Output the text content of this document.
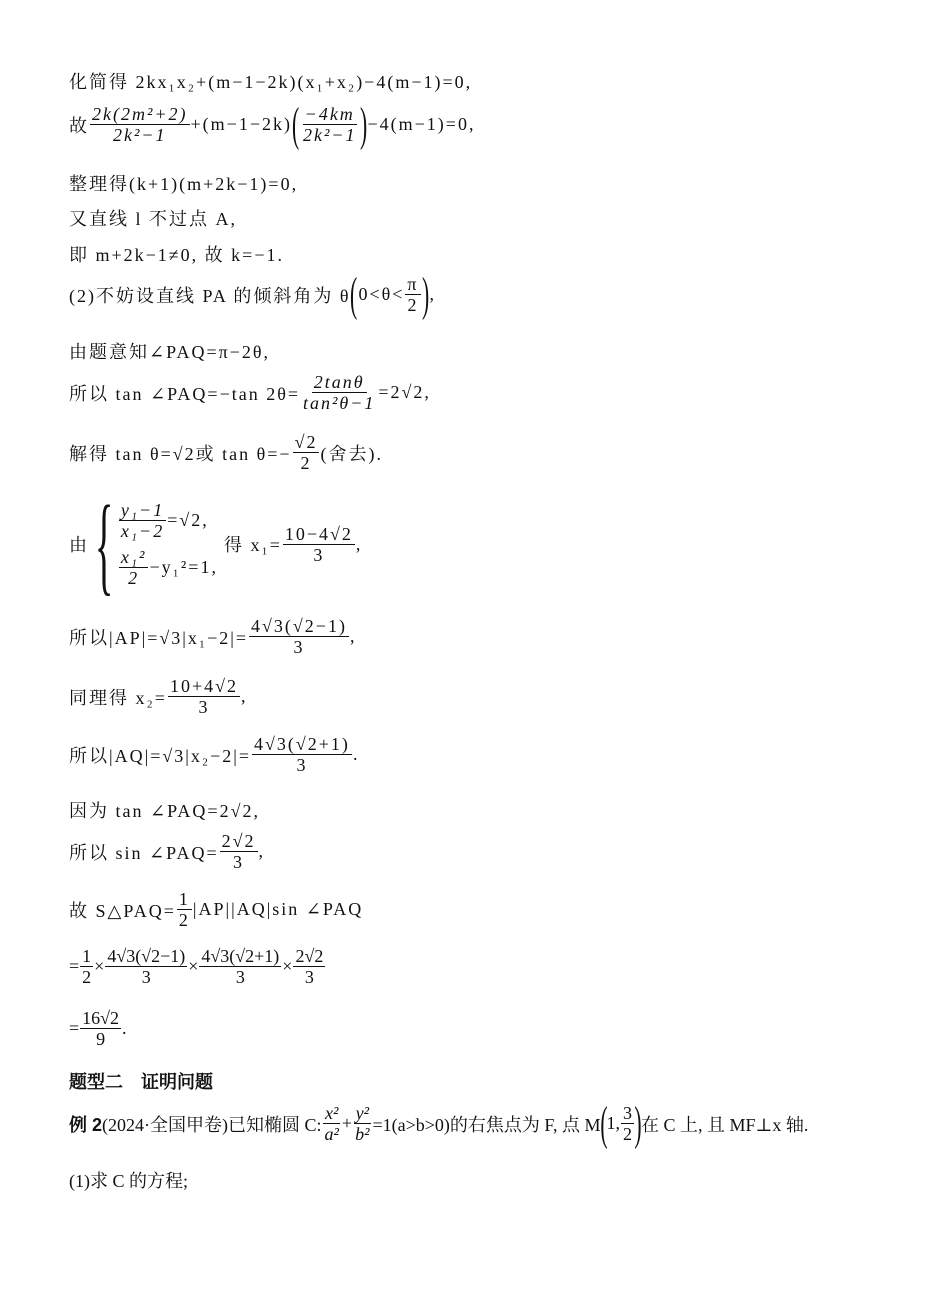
化简得 2kx₁x₂+(m−1−2k)(x₁+x₂)−4(m−1)=0,
故 $\frac{\text{2k(2m²+2)}}{\text{2k²−1}} +(m-1-2k)$ ( $\frac{-4km}{\text{2k²−1}}$ ) −4(m−1)=0,
整理得(k+1)(m+2k−1)=0,
又直线 l 不过点 A,
即 m+2k−1≠0, 故 k=−1.
(2)不妨设直线 PA 的倾斜角为 θ ( $0<\theta< \frac{\pi}{2}$ ) ,
由题意知∠PAQ=π−2θ,
所以 tan ∠PAQ=−tan $2\theta= \frac{2\tan\theta}{\text{tan²θ−1}} =2√2$,
解得 tan θ=√2或 $\tan \theta=- \frac{√2}{2}$ (舍去).
由 { $\frac{\text{y₁−1}}{\text{x₁−2}} =√2$,
$\frac{\text{x₁²}}{2} -y_1^2=1$,
得 $x_1= \frac{10-4√2}{3}$ ,
所以$|AP|=√3|x_1-2|= \frac{4√3(√2-1)}{3}$ ,
同理得 $x_2= \frac{10+4√2}{3}$ ,
所以$|AQ|=√3|x_2-2|= \frac{4√3(√2+1)}{3}$ .
因为 tan ∠PAQ=2√2,
所以 sin ∠PAQ= $\frac{2√2}{3}$ ,
故 S△PAQ= $\frac{1}{2} |AP||AQ|\sin$ ∠PAQ
= $\frac{1}{2} \times \frac{4√3(√2-1)}{3} \times \frac{4√3(√2+1)}{3} \times \frac{2√2}{3}$
= $\frac{16√2}{9}$ .
题型二　证明问题
例 2 (2024·全国甲卷)已知椭圆 C: $\frac{\text{x²}}{\text{a²}} + \frac{\text{y²}}{\text{b²}} =1(a>b>0)$的右焦点为 F, 点 M ( 1, $\frac{3}{2}$ ) 在 C 上, 且 MF⊥x 轴.
(1)求 C 的方程;
